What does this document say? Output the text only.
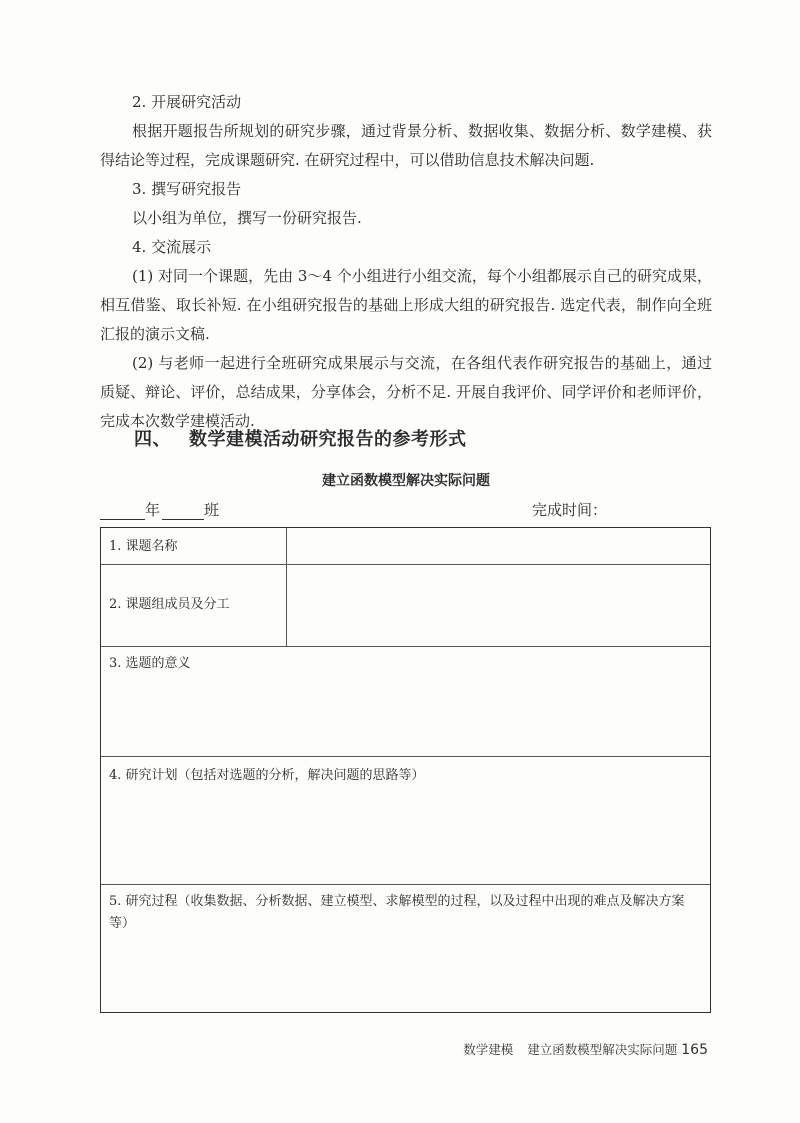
2. 开展研究活动

根据开题报告所规划的研究步骤，通过背景分析、数据收集、数据分析、数学建模、获得结论等过程，完成课题研究. 在研究过程中，可以借助信息技术解决问题.

3. 撰写研究报告

以小组为单位，撰写一份研究报告.

4. 交流展示

(1) 对同一个课题，先由 3～4 个小组进行小组交流，每个小组都展示自己的研究成果，相互借鉴、取长补短. 在小组研究报告的基础上形成大组的研究报告. 选定代表，制作向全班汇报的演示文稿.

(2) 与老师一起进行全班研究成果展示与交流，在各组代表作研究报告的基础上，通过质疑、辩论、评价，总结成果，分享体会，分析不足. 开展自我评价、同学评价和老师评价，完成本次数学建模活动.

四、 数学建模活动研究报告的参考形式
建立函数模型解决实际问题
年	班	完成时间：
1. 课题名称
2. 课题组成员及分工
3. 选题的意义
4. 研究计划（包括对选题的分析，解决问题的思路等）
5. 研究过程（收集数据、分析数据、建立模型、求解模型的过程，以及过程中出现的难点及解决方案等）
数学建模 建立函数模型解决实际问题 165
